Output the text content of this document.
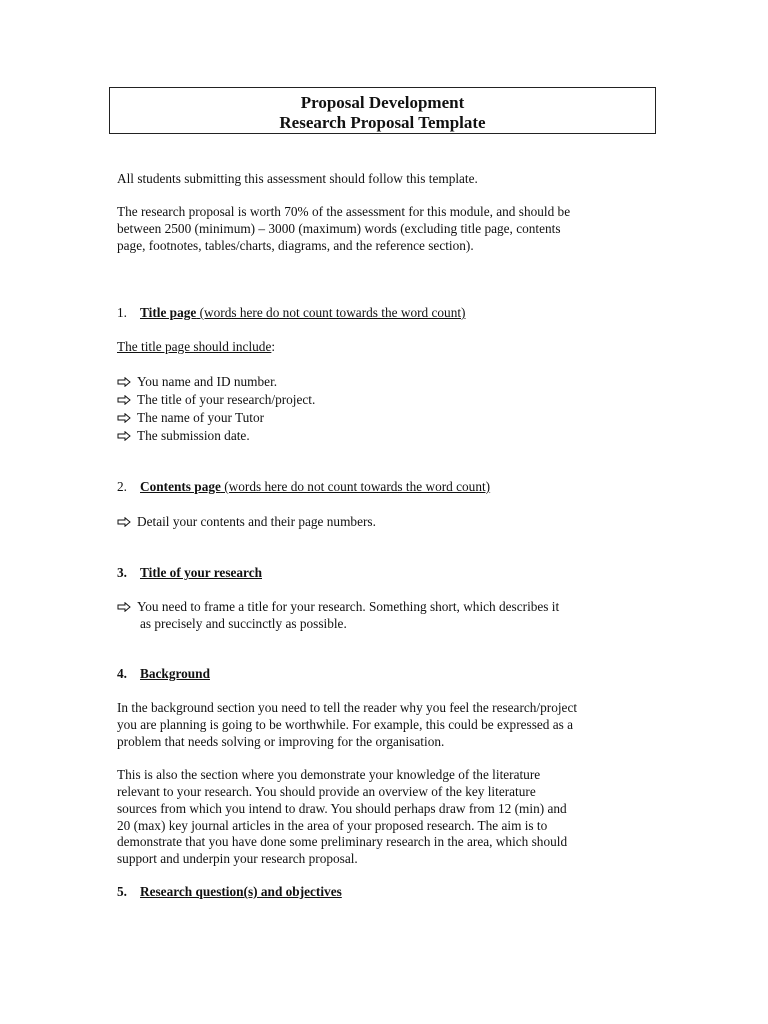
Proposal Development
Research Proposal Template

All students submitting this assessment should follow this template.

The research proposal is worth 70% of the assessment for this module, and should be

between 2500 (minimum) – 3000 (maximum) words (excluding title page, contents

page, footnotes, tables/charts, diagrams, and the reference section).

1. Title page (words here do not count towards the word count)

The title page should include:

You name and ID number.
The title of your research/project.
The name of your Tutor
The submission date.
2. Contents page (words here do not count towards the word count)
Detail your contents and their page numbers.
3. Title of your research
You need to frame a title for your research. Something short, which describes it
as precisely and succinctly as possible.
4. Background

In the background section you need to tell the reader why you feel the research/project

you are planning is going to be worthwhile. For example, this could be expressed as a

problem that needs solving or improving for the organisation.

This is also the section where you demonstrate your knowledge of the literature

relevant to your research. You should provide an overview of the key literature

sources from which you intend to draw. You should perhaps draw from 12 (min) and

20 (max) key journal articles in the area of your proposed research. The aim is to

demonstrate that you have done some preliminary research in the area, which should

support and underpin your research proposal.

5. Research question(s) and objectives
